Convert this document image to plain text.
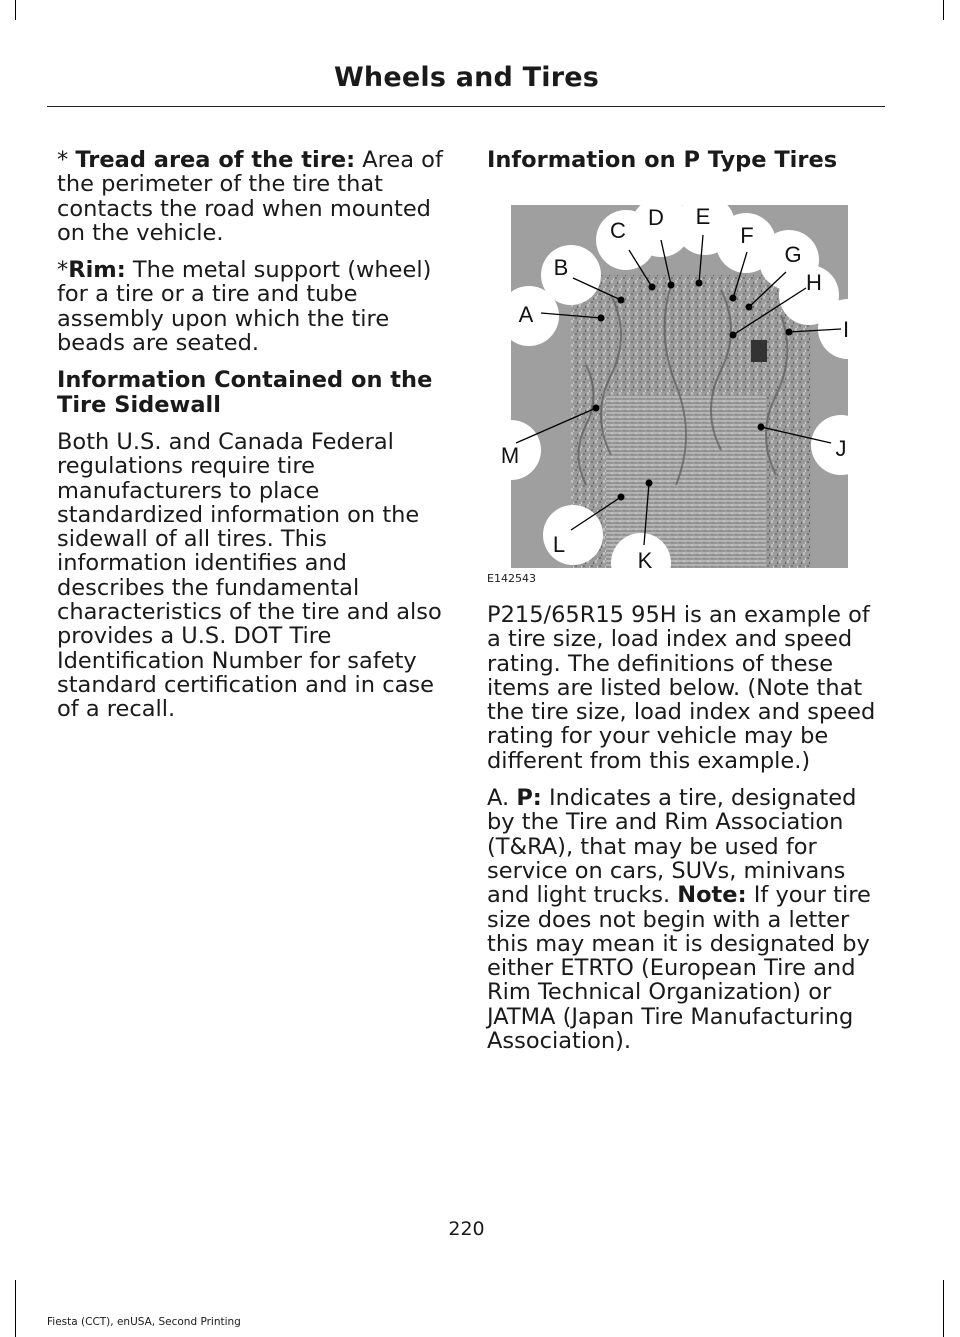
Wheels and Tires

* Tread area of the tire: Area of the perimeter of the tire that contacts the road when mounted on the vehicle.

*Rim: The metal support (wheel) for a tire or a tire and tube assembly upon which the tire beads are seated.

Information Contained on the Tire Sidewall

Both U.S. and Canada Federal regulations require tire manufacturers to place standardized information on the sidewall of all tires. This information identifies and describes the fundamental characteristics of the tire and also provides a U.S. DOT Tire Identification Number for safety standard certification and in case of a recall.

Information on P Type Tires
A
B
C
D E
F
G
H
I
J
K
L
M
E142543

P215/65R15 95H is an example of a tire size, load index and speed rating. The definitions of these items are listed below. (Note that the tire size, load index and speed rating for your vehicle may be different from this example.)

A. P: Indicates a tire, designated by the Tire and Rim Association (T&RA), that may be used for service on cars, SUVs, minivans and light trucks. Note: If your tire size does not begin with a letter this may mean it is designated by either ETRTO (European Tire and Rim Technical Organization) or JATMA (Japan Tire Manufacturing Association).

220
Fiesta (CCT), enUSA, Second Printing
